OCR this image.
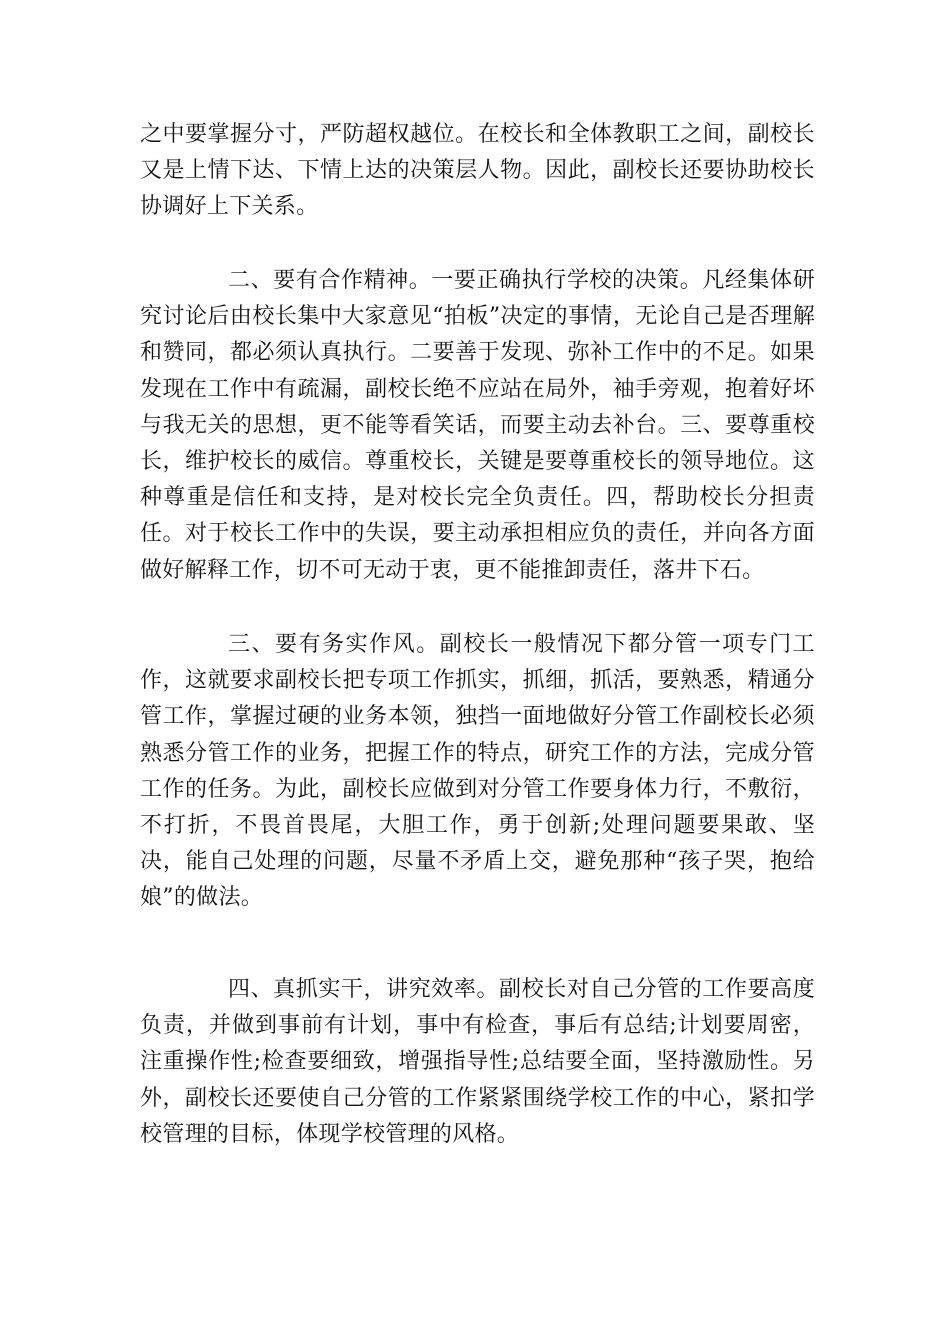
之中要掌握分寸，严防超权越位。在校长和全体教职工之间，副校长又是上情下达、下情上达的决策层人物。因此，副校长还要协助校长协调好上下关系。
二、要有合作精神。一要正确执行学校的决策。凡经集体研究讨论后由校长集中大家意见“拍板”决定的事情，无论自己是否理解和赞同，都必须认真执行。二要善于发现、弥补工作中的不足。如果发现在工作中有疏漏，副校长绝不应站在局外，袖手旁观，抱着好坏与我无关的思想，更不能等看笑话，而要主动去补台。三、要尊重校长，维护校长的威信。尊重校长，关键是要尊重校长的领导地位。这种尊重是信任和支持，是对校长完全负责任。四，帮助校长分担责任。对于校长工作中的失误，要主动承担相应负的责任，并向各方面做好解释工作，切不可无动于衷，更不能推卸责任，落井下石。
三、要有务实作风。副校长一般情况下都分管一项专门工作，这就要求副校长把专项工作抓实，抓细，抓活，要熟悉，精通分管工作，掌握过硬的业务本领，独挡一面地做好分管工作副校长必须熟悉分管工作的业务，把握工作的特点，研究工作的方法，完成分管工作的任务。为此，副校长应做到对分管工作要身体力行，不敷衍，不打折，不畏首畏尾，大胆工作，勇于创新;处理问题要果敢、坚决，能自己处理的问题，尽量不矛盾上交，避免那种“孩子哭，抱给娘”的做法。
四、真抓实干，讲究效率。副校长对自己分管的工作要高度负责，并做到事前有计划，事中有检查，事后有总结;计划要周密，注重操作性;检查要细致，增强指导性;总结要全面，坚持激励性。另外，副校长还要使自己分管的工作紧紧围绕学校工作的中心，紧扣学校管理的目标，体现学校管理的风格。
